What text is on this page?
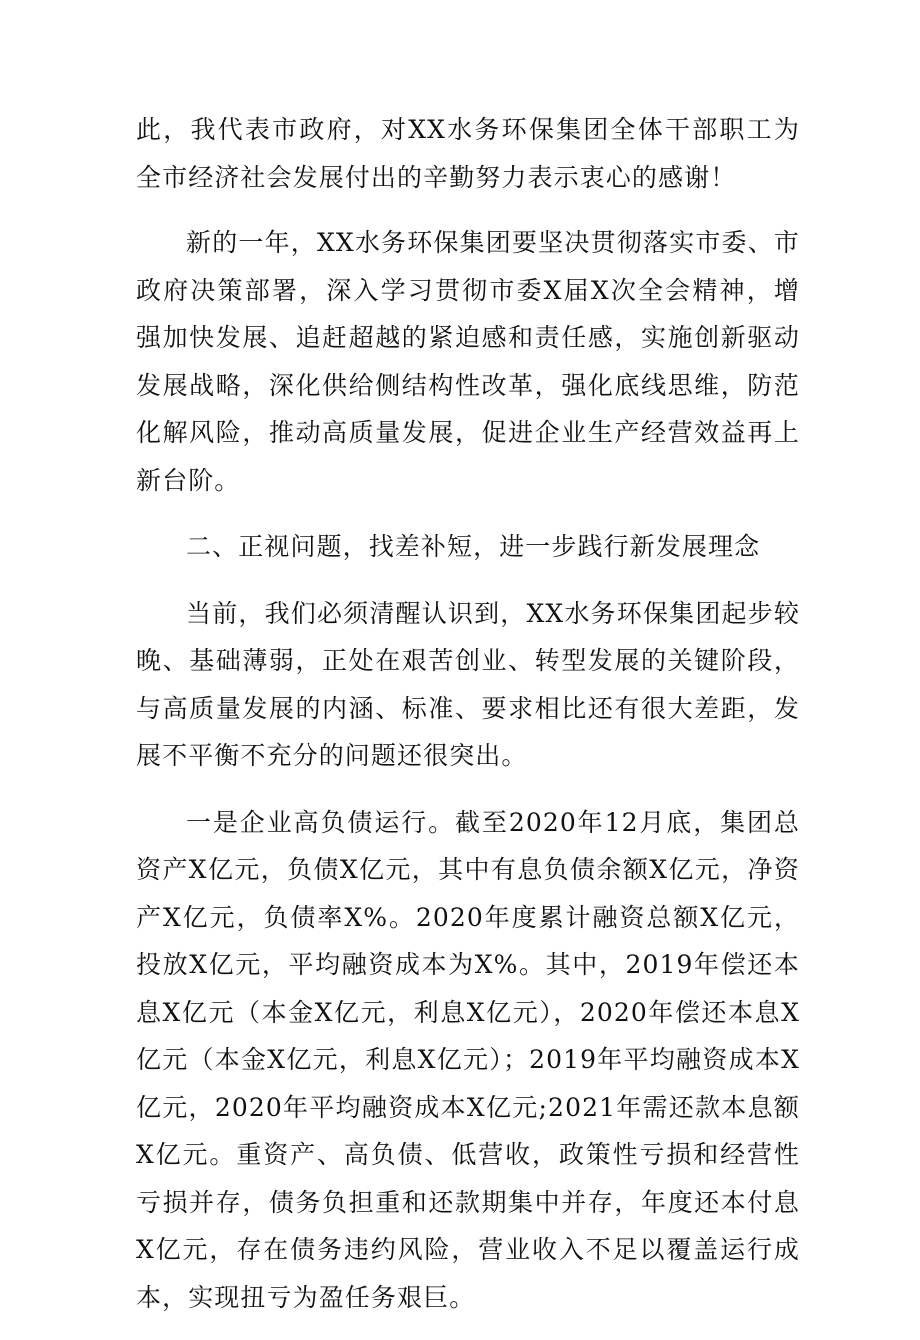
此，我代表市政府，对XX水务环保集团全体干部职工为全市经济社会发展付出的辛勤努力表示衷心的感谢！

新的一年，XX水务环保集团要坚决贯彻落实市委、市政府决策部署，深入学习贯彻市委X届X次全会精神，增强加快发展、追赶超越的紧迫感和责任感，实施创新驱动发展战略，深化供给侧结构性改革，强化底线思维，防范化解风险，推动高质量发展，促进企业生产经营效益再上新台阶。

二、正视问题，找差补短，进一步践行新发展理念

当前，我们必须清醒认识到，XX水务环保集团起步较晚、基础薄弱，正处在艰苦创业、转型发展的关键阶段，与高质量发展的内涵、标准、要求相比还有很大差距，发展不平衡不充分的问题还很突出。

一是企业高负债运行。截至2020年12月底，集团总资产X亿元，负债X亿元，其中有息负债余额X亿元，净资产X亿元，负债率X%。2020年度累计融资总额X亿元，投放X亿元，平均融资成本为X%。其中，2019年偿还本息X亿元（本金X亿元，利息X亿元），2020年偿还本息X亿元（本金X亿元，利息X亿元）；2019年平均融资成本X亿元，2020年平均融资成本X亿元;2021年需还款本息额X亿元。重资产、高负债、低营收，政策性亏损和经营性亏损并存，债务负担重和还款期集中并存，年度还本付息X亿元，存在债务违约风险，营业收入不足以覆盖运行成本，实现扭亏为盈任务艰巨。
